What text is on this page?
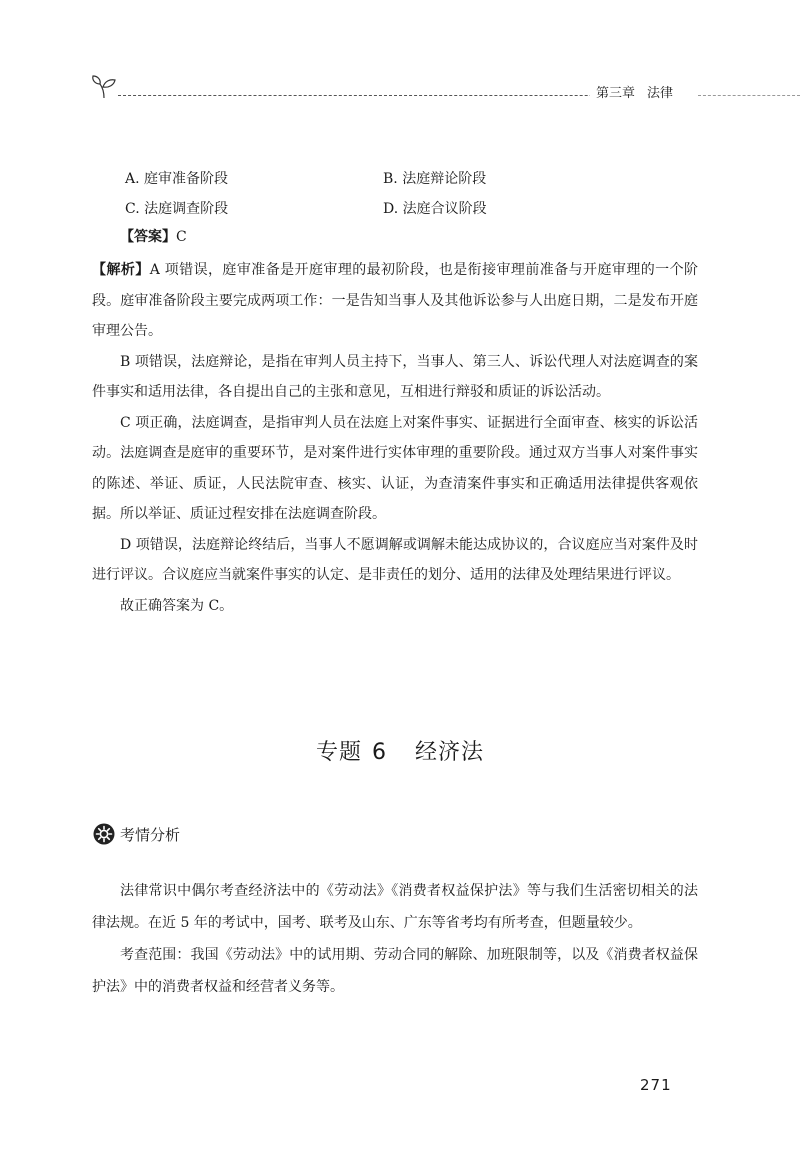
第三章 法律
A. 庭审准备阶段	B. 法庭辩论阶段
C. 法庭调查阶段	D. 法庭合议阶段
【答案】C

【解析】A 项错误，庭审准备是开庭审理的最初阶段，也是衔接审理前准备与开庭审理的一个阶段。庭审准备阶段主要完成两项工作：一是告知当事人及其他诉讼参与人出庭日期，二是发布开庭审理公告。

B 项错误，法庭辩论，是指在审判人员主持下，当事人、第三人、诉讼代理人对法庭调查的案件事实和适用法律，各自提出自己的主张和意见，互相进行辩驳和质证的诉讼活动。

C 项正确，法庭调查，是指审判人员在法庭上对案件事实、证据进行全面审查、核实的诉讼活动。法庭调查是庭审的重要环节，是对案件进行实体审理的重要阶段。通过双方当事人对案件事实的陈述、举证、质证，人民法院审查、核实、认证，为查清案件事实和正确适用法律提供客观依据。所以举证、质证过程安排在法庭调查阶段。

D 项错误，法庭辩论终结后，当事人不愿调解或调解未能达成协议的，合议庭应当对案件及时进行评议。合议庭应当就案件事实的认定、是非责任的划分、适用的法律及处理结果进行评议。

故正确答案为 C。

专题 6 经济法
考情分析

法律常识中偶尔考查经济法中的《劳动法》《消费者权益保护法》等与我们生活密切相关的法律法规。在近 5 年的考试中，国考、联考及山东、广东等省考均有所考查，但题量较少。

考查范围：我国《劳动法》中的试用期、劳动合同的解除、加班限制等，以及《消费者权益保护法》中的消费者权益和经营者义务等。

271
